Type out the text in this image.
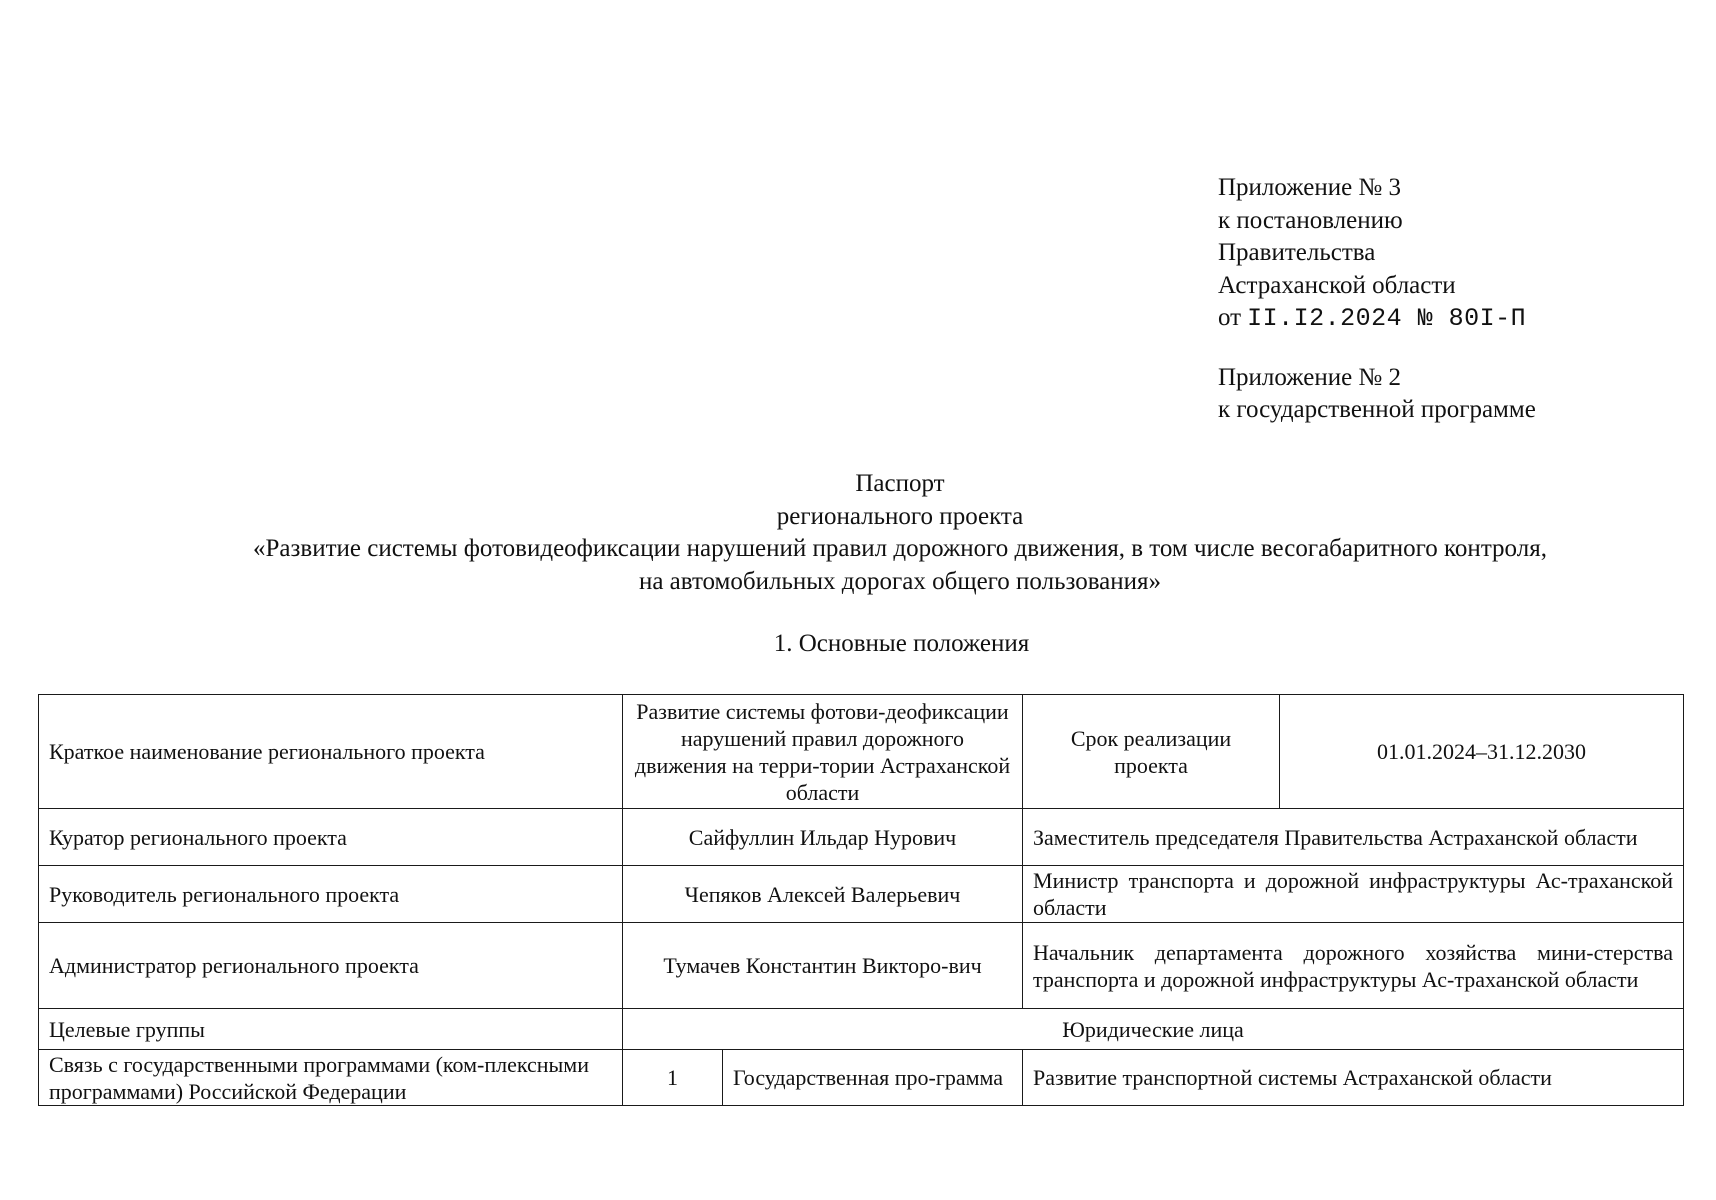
Приложение № 3
к постановлению
Правительства
Астраханской области
от II.I2.2024 № 80I-П
Приложение № 2
к государственной программе
Паспорт
регионального проекта
«Развитие системы фотовидеофиксации нарушений правил дорожного движения, в том числе весогабаритного контроля,
на автомобильных дорогах общего пользования»
1. Основные положения
Краткое наименование регионального проекта	Развитие системы фотови-деофиксации нарушений правил дорожного движения на терри-тории Астраханской области		Срок реализации проекта	01.01.2024–31.12.2030

Куратор регионального проекта	Сайфуллин Ильдар Нурович		Заместитель председателя Правительства Астраханской области	

Руководитель регионального проекта	Чепяков Алексей Валерьевич		Министр транспорта и дорожной инфраструктуры Ас-траханской области	

Администратор регионального проекта	Тумачев Константин Викторо-вич		Начальник департамента дорожного хозяйства мини-стерства транспорта и дорожной инфраструктуры Ас-траханской области	

Целевые группы	Юридические лица			

Связь с государственными программами (ком-плексными программами) Российской Федерации	1	Государственная про-грамма	Развитие транспортной системы Астраханской области	
